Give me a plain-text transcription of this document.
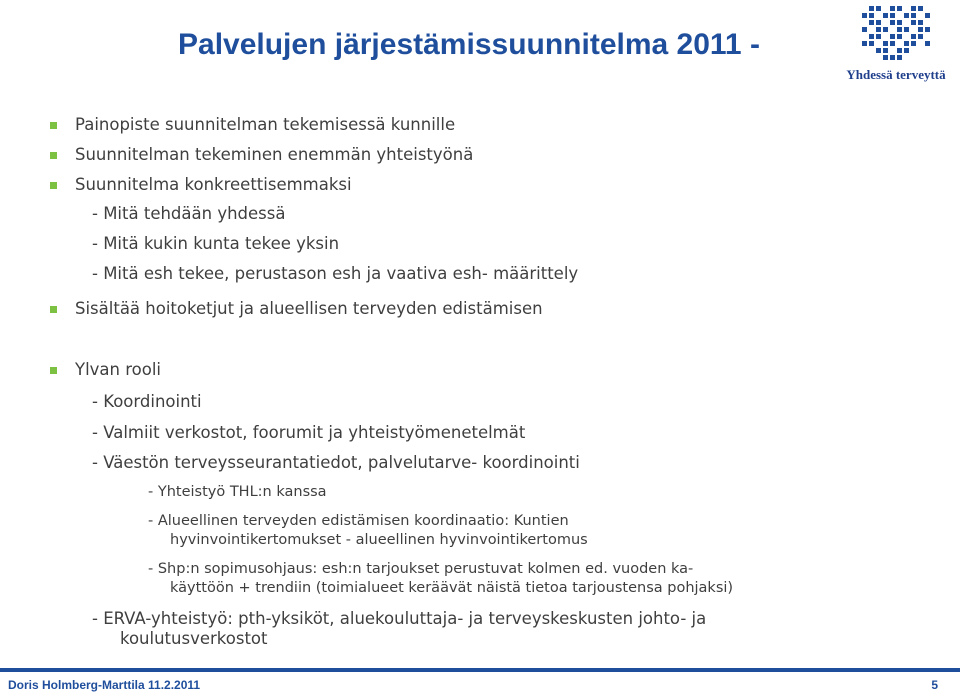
Palvelujen järjestämissuunnitelma 2011 -
Yhdessä terveyttä
Painopiste suunnitelman tekemisessä kunnille
Suunnitelman tekeminen enemmän yhteistyönä
Suunnitelma konkreettisemmaksi
- Mitä tehdään yhdessä
- Mitä kukin kunta tekee yksin
- Mitä esh tekee, perustason esh ja vaativa esh- määrittely
Sisältää hoitoketjut ja alueellisen terveyden edistämisen
Ylvan rooli
- Koordinointi
- Valmiit verkostot, foorumit ja yhteistyömenetelmät
- Väestön terveysseurantatiedot, palvelutarve- koordinointi
- Yhteistyö THL:n kanssa
- Alueellinen terveyden edistämisen koordinaatio: Kuntien
hyvinvointikertomukset - alueellinen hyvinvointikertomus
- Shp:n sopimusohjaus: esh:n tarjoukset perustuvat kolmen ed. vuoden ka-
käyttöön + trendiin (toimialueet keräävät näistä tietoa tarjoustensa pohjaksi)
- ERVA-yhteistyö: pth-yksiköt, aluekouluttaja- ja terveyskeskusten johto- ja
koulutusverkostot
Doris Holmberg-Marttila 11.2.2011	5
